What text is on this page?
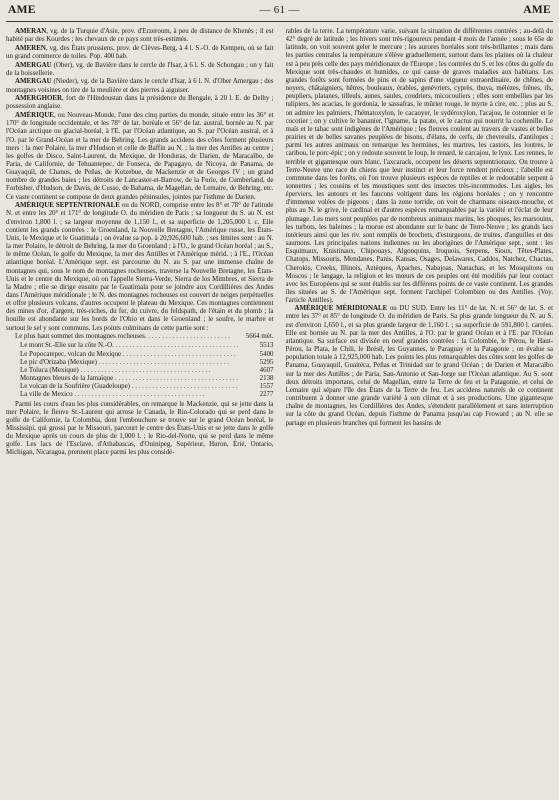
AME	— 61 —	AME

AMERAN, vg. de la Turquie d'Asie, prov. d'Erzeroum, à peu de distance de Khenès ; il est habité par des Kourdes ; les chevaux de ce pays sont très-estimés.

AMEREN, vg. des États prussiens, prov. de Clèves-Berg, à 4 l. S.-O. de Kempen, où se fait un grand commerce de toiles. Pop. 400 hab.

AMERGAU (Ober), vg. de Bavière dans le cercle de l'Isar, à 6 l. S. de Schongau ; on y fait de la boissellerie.

AMERGAU (Nieder), vg. de la Bavière dans le cercle d'Isar, à 6 l. N. d'Ober Amergau ; des montagnes voisines on tire de la meulière et des pierres à aiguiser.

AMERGHOER, fort de l'Hindoustan dans la présidence du Bengale, à 20 l. E. de Delhy ; possession anglaise.

AMÉRIQUE, ou Nouveau-Monde, l'une des cinq parties du monde, située entre les 36° et 170° de longitude occidentale, et les 78° de lat. boréale et 56° de lat. austral, bornée au N. par l'Océan arctique ou glacial-boréal, à l'E. par l'Océan atlantique, au S. par l'Océan austral, et à l'O. par le Grand-Océan et la mer de Behring. Les grands accidens des côtes forment plusieurs mers : la mer Polaire, la mer d'Hudson et celle de Baffin au N. ; la mer des Antilles au centre ; les golfes de Disco, Saint-Laurent, du Mexique, de Honduras, de Darien, de Maracaïbo, de Paria, de Californie, de Tehuantepec, de Fonseca, de Papagayo, de Nicoya, de Panama, de Guayaquil, de Chanos, de Peñas, de Kotzebue, de Mackenzie et de Georges IV ; un grand nombre de grandes baies ; les détroits de Lancaster-et-Barrow, de la Furie, de Cumberland, de Forbisher, d'Hudson, de Davis, de Cusso, de Bahama, de Magellan, de Lemaire, de Behring, etc. Ce vaste continent se compose de deux grandes péninsules, jointes par l'isthme de Darien.

AMÉRIQUE SEPTENTRIONALE ou du NORD, comprise entre les 8° et 78° de l'atitude N. et entre les 20° et 171° de longitude O. du méridien de Paris ; sa longueur du S. au N. est d'environ 1,800 l. ; sa largeur moyenne de 1,150 l., et sa superficie de 1,205,000 l. c. Elle contient les grands contrées : le Groenland, la Nouvelle Bretagne, l'Amérique russe, les États-Unis, le Mexique et le Guatimala ; on évalue sa pop. à 20,926,600 hab. ; ses limites sont : au N. la mer Polaire, le détroit de Behring, la mer du Groenland ; à l'O., le grand Océan boréal ; au S., le même Océan, le golfe du Mexique, la mer des Antilles et l'Amérique mérid. ; à l'E., l'Océan atlantique boréal. L'Amérique sept. est parcourue du N. au S. par une immense chaîne de montagnes qui, sous le nom de montagnes rocheuses, traverse la Nouvelle Bretagne, les États-Unis et le centre du Mexique, où on l'appelle Sierra-Verde, Sierra de los Mimbres, et Sierra de la Madre ; elle se dirige ensuite par le Guatimala pour se joindre aux Cordillières des Andes dans l'Amérique méridionale ; le N. des montagnes rocheuses est couvert de neiges perpétuelles et offre plusieurs volcans, d'autres occupent le plateau du Mexique. Ces montagnes contiennent des mines d'or, d'argent, très-riches, du fer, du cuivre, du feldspath, de l'étain et du plomb ; la houille est abondante sur les bords de l'Ohio et dans le Groenland ; le soufre, le marbre et surtout le sel y sont communs. Les points culminans de cette partie sont :

Le plus haut sommet des montagnes rocheuses. . . .	5664 mèt.
Le mont St.-Elie sur la côte N.-O. . . .	5513
Le Popocatepec, volcan du Mexique . . .	5400
Le pic d'Orizaba (Mexique) . . .	5295
Le Toluca (Mexique) . . .	4607
Montagnes bleues de la Jamaïque . . .	2138
Le volcan de la Soufrière (Guadeloupe) . . .	1557
La ville de Mexico . . .	2277

Parmi les cours d'eau les plus considérables, on remarque le Mackenzie, qui se jette dans la mer Polaire, le fleuve St.-Laurent qui arrose le Canada, le Rio-Colorado qui se perd dans le golfe de Californie, la Colombia, dont l'embouchure se trouve sur le grand Océan boréal, le Mississipi, qui grossi par le Missouri, parcourt le centre des États-Unis et se jette dans le golfe du Mexique après un cours de plus de 1,000 l. ; le Rio-del-Norte, qui se perd dans le même golfe. Les lacs de l'Esclave, d'Athabascas, d'Ouinipeg, Supérieur, Huron, Érié, Ontario, Michigan, Nicaragua, prennent place parmi les plus considé-

rables de la terre. La température varie, suivant la situation de différentes contrées ; au-delà du 42° degré de latitude ; les hivers sont très-rigoureux pendant 4 mois de l'année ; sous le 65e de latitude, on voit souvent geler le mercure ; les aurores boréales sont très-brillantes ; mais dans les parties centrales la température s'élève graduellement, surtout dans les plaines où la chaleur est à peu près celle des pays méridionaux de l'Europe ; les contrées du S. et les côtes du golfe du Mexique sont très-chaudes et humides, ce qui cause de graves maladies aux habitans. Les grandes forêts sont formées de pins et de sapins d'une vigueur extraordinaire, de chênes, de noyers, châtaigniers, hêtres, bouleaux, érables, genévriers, cyprès, thuya, mélèzes, frênes, ifs, peupliers, platanes, tilleuls, aunes, saules, coudriers, micocouliers ; elles sont embellies par les tulipiers, les acacias, le gordonia, le sassafras, le mûrier rouge, le myrte à cire, etc. ; plus au S. on admire les palmiers, l'hématoxylon, le cacaoyer, le sydéroxylon, l'acajou, le cotonnier et le cocotier ; on y cultive le bananier, l'igname, la patate, et le cactus qui nourrit la cochenille. Le maïs et le tabac sont indigènes de l'Amérique ; les fleuves coulent au travers de vastes et belles prairies et de belles savanes peuplées de bisons, d'élans, de cerfs, de chevreuils, d'antilopes ; parmi les autres animaux on remarque les hermines, les martres, les castors, les loutres, le caribou, le porc-épic ; on y redoute souvent le loup, le renard, le carcajou, le lynx. Les rennes, le terrible et gigantesque ours blanc, l'axcarack, occupent les déserts septentrionaux. On trouve à Terre-Neuve une race de chiens que leur instinct et leur force rendent précieux ; l'abeille est commune dans les forêts, où l'on trouve plusieurs espèces de reptiles et le redoutable serpent à sonnettes ; les cousins et les moustiques sont des insectes très-incommodes. Les aigles, les éperviers, les autours et les faucons voltigent dans les régions boréales ; on y rencontre d'immense volées de pigeons ; dans la zone torride, on voit de charmans oiseaux-mouche, et plus au N. le grive, le cardinal et d'autres espèces remarquables par la variété et l'éclat de leur plumage. Les mers sont peuplées par de nombreux animaux marins, les phoques, les marsouins, les turbots, les baleines ; la morue est abondante sur le banc de Terre-Neuve ; les grands lacs intérieurs ainsi que les riv. sont remplis de brochets, d'esturgeons, de truites, d'anguilles et des saumons. Les principales nations indiennes ou les aborigènes de l'Amérique sept., sont : les Esquimaux, Knistinaux, Chipouays, Algonquins, Iroquois, Serpens, Sioux, Têtes-Plates, Chatops, Missouris, Mendanes, Panis, Kansas, Osages, Delawares, Caddos, Natchez, Chactas, Cherokis, Creeks, Illinois, Aztèques, Apaches, Nabajoas, Nanachas, et les Mosquitons ou Moscos ; le langage, la religion et les mœurs de ces peuples ont été modifiés par leur contact avec les Européens qui se sont établis sur les différens points de ce vaste continent. Les grandes îles situées au S. de l'Amérique sept. forment l'archipel Colombien ou des Antilles. (Voy. l'article Antilles).

AMÉRIQUE MÉRIDIONALE ou DU SUD. Entre les 11° de lat. N. et 56° de lat. S. et entre les 37° et 85° de longitude O. du méridien de Paris. Sa plus grande longueur du N. au S. est d'environ 1,650 l., et sa plus grande largeur de 1,160 l. ; sa superficie de 591,800 l. carrées. Elle est bornée au N. par la mer des Antilles, à l'O. par le grand Océan et à l'E. par l'Océan atlantique. Sa surface est divisée en neuf grandes contrées : la Colombie, le Pérou, le Haut-Pérou, la Plata, le Chili, le Brésil, les Guyannes, le Paraguay et la Patagonie ; on évalue sa population totale à 12,925,000 hab. Les points les plus remarquables des côtes sont les golfes de Panama, Guayaquil, Guaitéca, Peñas et Trinidad sur le grand Océan ; de Darien et Maracaïbo sur la mer des Antilles ; de Paria, San-Antonio et San-Jorge sur l'Océan atlantique. Au S. sont deux détroits importans, celui de Magellan, entre la Terre de feu et la Patagonie, et celui de Lemaire qui sépare l'île des États de la Terre de feu. Les accidens naturels de ce continent contribuent à donner une grande variété à son climat et à ses productions. Une gigantesque chaîne de montagnes, les Cordillières des Andes, s'étendent parallèlement et sans interruption sur la côte du grand Océan, depuis l'isthme de Panama jusqu'au cap Froward ; au N. elle se partage en plusieurs branches qui forment les bassins de
